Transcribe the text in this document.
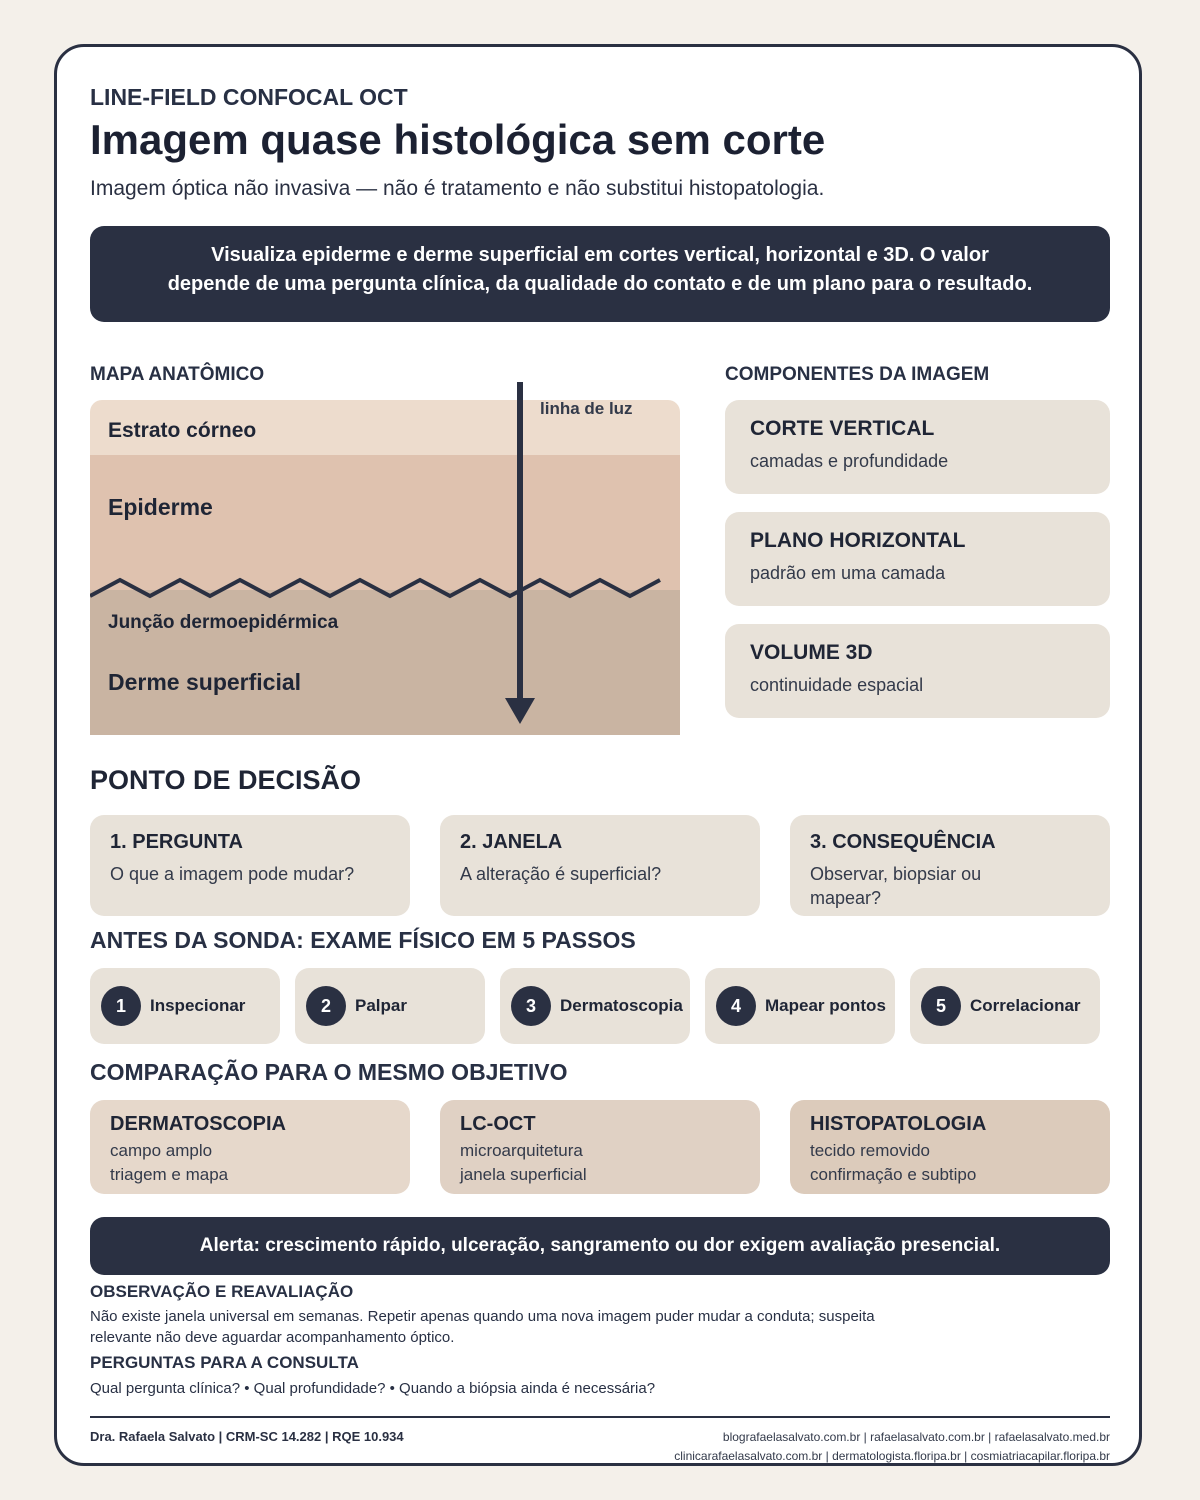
LINE-FIELD CONFOCAL OCT
Imagem quase histológica sem corte
Imagem óptica não invasiva — não é tratamento e não substitui histopatologia.
Visualiza epiderme e derme superficial em cortes vertical, horizontal e 3D. O valor
depende de uma pergunta clínica, da qualidade do contato e de um plano para o resultado.
MAPA ANATÔMICO
linha de luz
Estrato córneo
Epiderme
Junção dermoepidérmica
Derme superficial
COMPONENTES DA IMAGEM
CORTE VERTICAL
camadas e profundidade
PLANO HORIZONTAL
padrão em uma camada
VOLUME 3D
continuidade espacial
PONTO DE DECISÃO
1. PERGUNTA
O que a imagem pode mudar?
2. JANELA
A alteração é superficial?
3. CONSEQUÊNCIA
Observar, biopsiar ou mapear?
ANTES DA SONDA: EXAME FÍSICO EM 5 PASSOS
1	Inspecionar	2	Palpar	3	Dermatoscopia	4	Mapear pontos	5	Correlacionar
COMPARAÇÃO PARA O MESMO OBJETIVO
DERMATOSCOPIA
campo amplo
triagem e mapa
LC-OCT
microarquitetura
janela superficial
HISTOPATOLOGIA
tecido removido
confirmação e subtipo
Alerta: crescimento rápido, ulceração, sangramento ou dor exigem avaliação presencial.
OBSERVAÇÃO E REAVALIAÇÃO
Não existe janela universal em semanas. Repetir apenas quando uma nova imagem puder mudar a conduta; suspeita
relevante não deve aguardar acompanhamento óptico.
PERGUNTAS PARA A CONSULTA
Qual pergunta clínica? • Qual profundidade? • Quando a biópsia ainda é necessária?
Dra. Rafaela Salvato | CRM-SC 14.282 | RQE 10.934	blografaelasalvato.com.br | rafaelasalvato.com.br | rafaelasalvato.med.br
clinicarafaelasalvato.com.br | dermatologista.floripa.br | cosmiatriacapilar.floripa.br
